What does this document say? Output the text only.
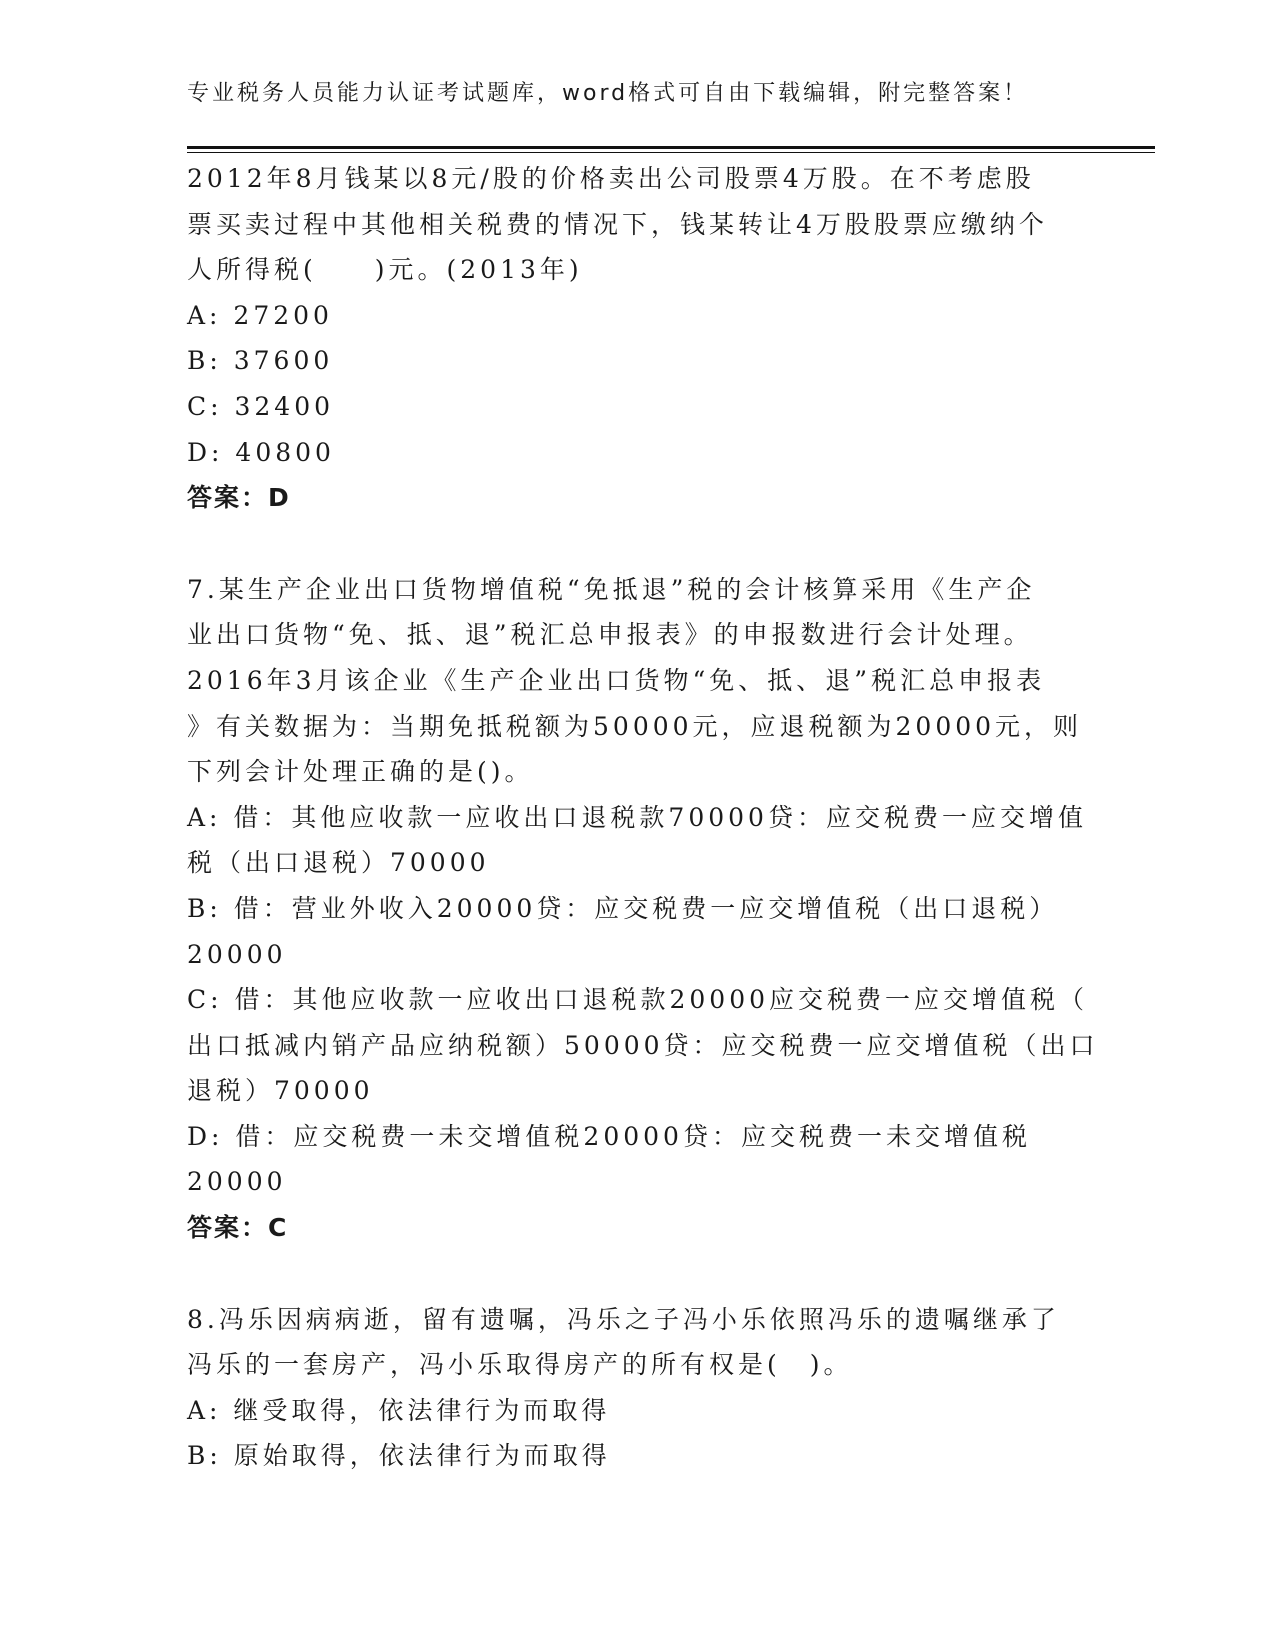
专业税务人员能力认证考试题库，word格式可自由下载编辑，附完整答案！
2012年8月钱某以8元/股的价格卖出公司股票4万股。在不考虑股
票买卖过程中其他相关税费的情况下，钱某转让4万股股票应缴纳个
人所得税(　　)元。(2013年)
A: 27200
B: 37600
C: 32400
D: 40800
答案：D
7.某生产企业出口货物增值税“免抵退”税的会计核算采用《生产企
业出口货物“免、抵、退”税汇总申报表》的申报数进行会计处理。
2016年3月该企业《生产企业出口货物“免、抵、退”税汇总申报表
》有关数据为：当期免抵税额为50000元，应退税额为20000元，则
下列会计处理正确的是()。
A: 借：其他应收款一应收出口退税款70000贷：应交税费一应交增值
税（出口退税）70000
B: 借：营业外收入20000贷：应交税费一应交增值税（出口退税）
20000
C: 借：其他应收款一应收出口退税款20000应交税费一应交增值税（
出口抵减内销产品应纳税额）50000贷：应交税费一应交增值税（出口
退税）70000
D: 借：应交税费一未交增值税20000贷：应交税费一未交增值税
20000
答案：C
8.冯乐因病病逝，留有遗嘱，冯乐之子冯小乐依照冯乐的遗嘱继承了
冯乐的一套房产，冯小乐取得房产的所有权是(　)。
A: 继受取得，依法律行为而取得
B: 原始取得，依法律行为而取得
